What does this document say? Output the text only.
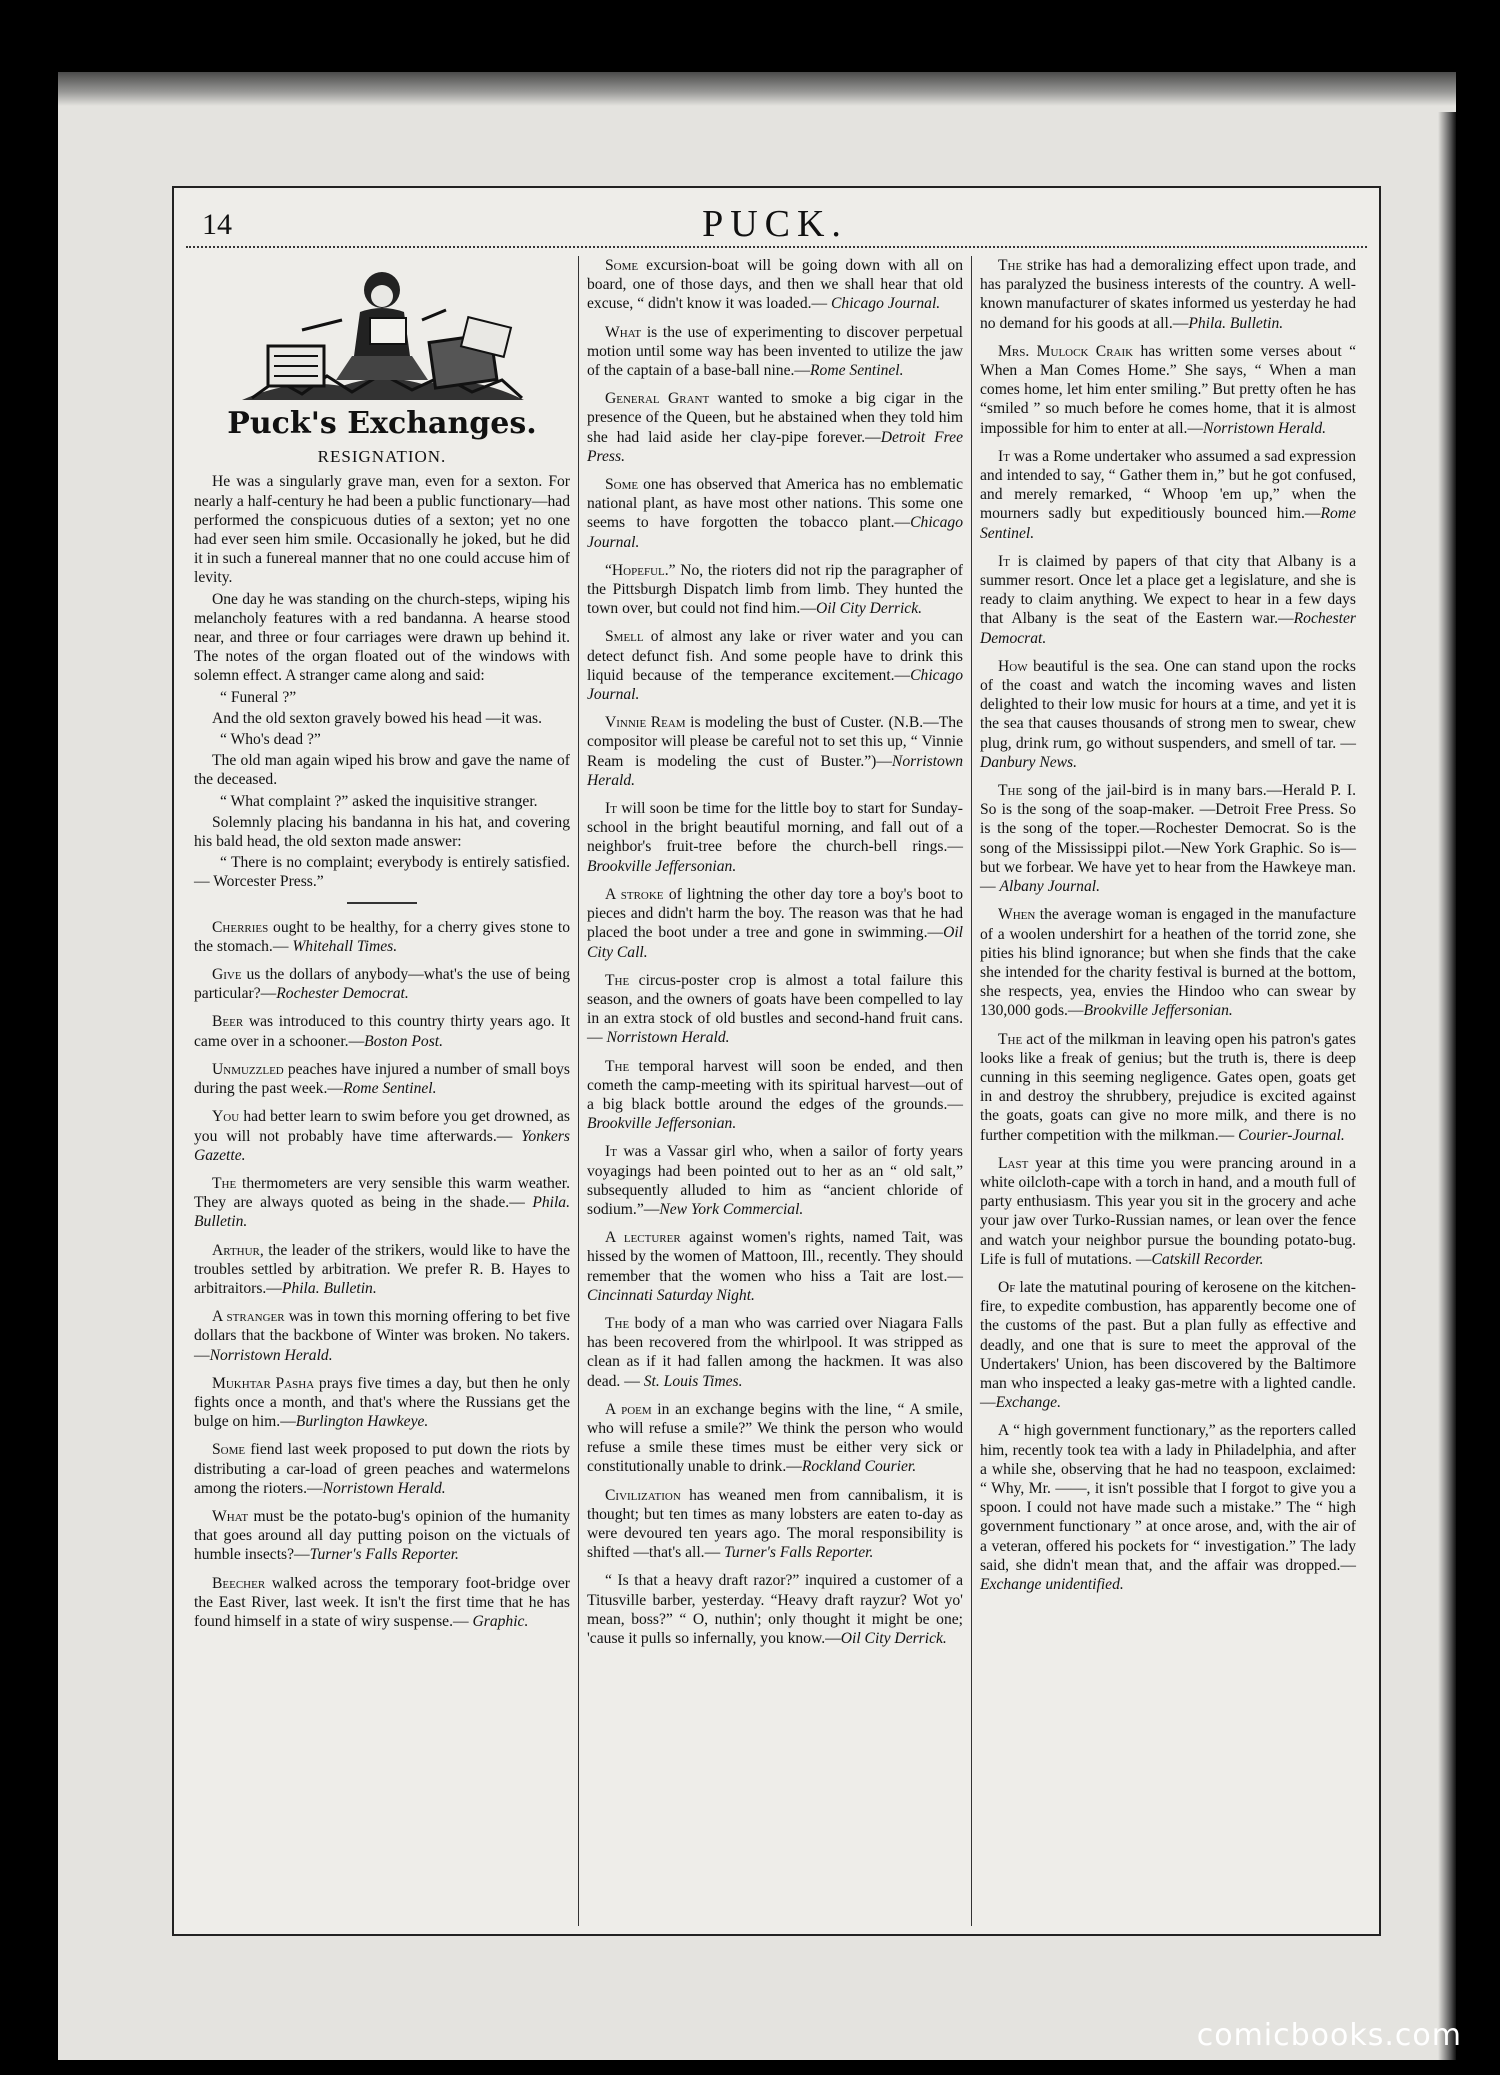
14	PUCK.
Puck's Exchanges.
RESIGNATION.

He was a singularly grave man, even for a sexton. For nearly a half-century he had been a public functionary—had performed the conspicuous duties of a sexton; yet no one had ever seen him smile. Occasionally he joked, but he did it in such a funereal manner that no one could accuse him of levity.

One day he was standing on the church-steps, wiping his melancholy features with a red bandanna. A hearse stood near, and three or four carriages were drawn up behind it. The notes of the organ floated out of the windows with solemn effect. A stranger came along and said:

“ Funeral ?”

And the old sexton gravely bowed his head —it was.

“ Who's dead ?”

The old man again wiped his brow and gave the name of the deceased.

“ What complaint ?” asked the inquisitive stranger.

Solemnly placing his bandanna in his hat, and covering his bald head, the old sexton made answer:

“ There is no complaint; everybody is entirely satisfied.— Worcester Press.”

Cherries ought to be healthy, for a cherry gives stone to the stomach.— Whitehall Times.

Give us the dollars of anybody—what's the use of being particular?—Rochester Democrat.

Beer was introduced to this country thirty years ago. It came over in a schooner.—Boston Post.

Unmuzzled peaches have injured a number of small boys during the past week.—Rome Sentinel.

You had better learn to swim before you get drowned, as you will not probably have time afterwards.— Yonkers Gazette.

The thermometers are very sensible this warm weather. They are always quoted as being in the shade.— Phila. Bulletin.

Arthur, the leader of the strikers, would like to have the troubles settled by arbitration. We prefer R. B. Hayes to arbitraitors.—Phila. Bulletin.

A stranger was in town this morning offering to bet five dollars that the backbone of Winter was broken. No takers.—Norristown Herald.

Mukhtar Pasha prays five times a day, but then he only fights once a month, and that's where the Russians get the bulge on him.—Burlington Hawkeye.

Some fiend last week proposed to put down the riots by distributing a car-load of green peaches and watermelons among the rioters.—Norristown Herald.

What must be the potato-bug's opinion of the humanity that goes around all day putting poison on the victuals of humble insects?—Turner's Falls Reporter.

Beecher walked across the temporary foot-bridge over the East River, last week. It isn't the first time that he has found himself in a state of wiry suspense.— Graphic.

Some excursion-boat will be going down with all on board, one of those days, and then we shall hear that old excuse, “ didn't know it was loaded.— Chicago Journal.

What is the use of experimenting to discover perpetual motion until some way has been invented to utilize the jaw of the captain of a base-ball nine.—Rome Sentinel.

General Grant wanted to smoke a big cigar in the presence of the Queen, but he abstained when they told him she had laid aside her clay-pipe forever.—Detroit Free Press.

Some one has observed that America has no emblematic national plant, as have most other nations. This some one seems to have forgotten the tobacco plant.—Chicago Journal.

“Hopeful.” No, the rioters did not rip the paragrapher of the Pittsburgh Dispatch limb from limb. They hunted the town over, but could not find him.—Oil City Derrick.

Smell of almost any lake or river water and you can detect defunct fish. And some people have to drink this liquid because of the temperance excitement.—Chicago Journal.

Vinnie Ream is modeling the bust of Custer. (N.B.—The compositor will please be careful not to set this up, “ Vinnie Ream is modeling the cust of Buster.”)—Norristown Herald.

It will soon be time for the little boy to start for Sunday-school in the bright beautiful morning, and fall out of a neighbor's fruit-tree before the church-bell rings.—Brookville Jeffersonian.

A stroke of lightning the other day tore a boy's boot to pieces and didn't harm the boy. The reason was that he had placed the boot under a tree and gone in swimming.—Oil City Call.

The circus-poster crop is almost a total failure this season, and the owners of goats have been compelled to lay in an extra stock of old bustles and second-hand fruit cans. — Norristown Herald.

The temporal harvest will soon be ended, and then cometh the camp-meeting with its spiritual harvest—out of a big black bottle around the edges of the grounds.—Brookville Jeffersonian.

It was a Vassar girl who, when a sailor of forty years voyagings had been pointed out to her as an “ old salt,” subsequently alluded to him as “ancient chloride of sodium.”—New York Commercial.

A lecturer against women's rights, named Tait, was hissed by the women of Mattoon, Ill., recently. They should remember that the women who hiss a Tait are lost.—Cincinnati Saturday Night.

The body of a man who was carried over Niagara Falls has been recovered from the whirlpool. It was stripped as clean as if it had fallen among the hackmen. It was also dead. — St. Louis Times.

A poem in an exchange begins with the line, “ A smile, who will refuse a smile?” We think the person who would refuse a smile these times must be either very sick or constitutionally unable to drink.—Rockland Courier.

Civilization has weaned men from cannibalism, it is thought; but ten times as many lobsters are eaten to-day as were devoured ten years ago. The moral responsibility is shifted —that's all.— Turner's Falls Reporter.

“ Is that a heavy draft razor?” inquired a customer of a Titusville barber, yesterday. “Heavy draft rayzur? Wot yo' mean, boss?” “ O, nuthin'; only thought it might be one; 'cause it pulls so infernally, you know.—Oil City Derrick.

The strike has had a demoralizing effect upon trade, and has paralyzed the business interests of the country. A well-known manufacturer of skates informed us yesterday he had no demand for his goods at all.—Phila. Bulletin.

Mrs. Mulock Craik has written some verses about “ When a Man Comes Home.” She says, “ When a man comes home, let him enter smiling.” But pretty often he has “smiled ” so much before he comes home, that it is almost impossible for him to enter at all.—Norristown Herald.

It was a Rome undertaker who assumed a sad expression and intended to say, “ Gather them in,” but he got confused, and merely remarked, “ Whoop 'em up,” when the mourners sadly but expeditiously bounced him.—Rome Sentinel.

It is claimed by papers of that city that Albany is a summer resort. Once let a place get a legislature, and she is ready to claim anything. We expect to hear in a few days that Albany is the seat of the Eastern war.—Rochester Democrat.

How beautiful is the sea. One can stand upon the rocks of the coast and watch the incoming waves and listen delighted to their low music for hours at a time, and yet it is the sea that causes thousands of strong men to swear, chew plug, drink rum, go without suspenders, and smell of tar. — Danbury News.

The song of the jail-bird is in many bars.—Herald P. I. So is the song of the soap-maker. —Detroit Free Press. So is the song of the toper.—Rochester Democrat. So is the song of the Mississippi pilot.—New York Graphic. So is—but we forbear. We have yet to hear from the Hawkeye man. — Albany Journal.

When the average woman is engaged in the manufacture of a woolen undershirt for a heathen of the torrid zone, she pities his blind ignorance; but when she finds that the cake she intended for the charity festival is burned at the bottom, she respects, yea, envies the Hindoo who can swear by 130,000 gods.—Brookville Jeffersonian.

The act of the milkman in leaving open his patron's gates looks like a freak of genius; but the truth is, there is deep cunning in this seeming negligence. Gates open, goats get in and destroy the shrubbery, prejudice is excited against the goats, goats can give no more milk, and there is no further competition with the milkman.— Courier-Journal.

Last year at this time you were prancing around in a white oilcloth-cape with a torch in hand, and a mouth full of party enthusiasm. This year you sit in the grocery and ache your jaw over Turko-Russian names, or lean over the fence and watch your neighbor pursue the bounding potato-bug. Life is full of mutations. —Catskill Recorder.

Of late the matutinal pouring of kerosene on the kitchen-fire, to expedite combustion, has apparently become one of the customs of the past. But a plan fully as effective and deadly, and one that is sure to meet the approval of the Undertakers' Union, has been discovered by the Baltimore man who inspected a leaky gas-metre with a lighted candle.—Exchange.

A “ high government functionary,” as the reporters called him, recently took tea with a lady in Philadelphia, and after a while she, observing that he had no teaspoon, exclaimed: “ Why, Mr. ——, it isn't possible that I forgot to give you a spoon. I could not have made such a mistake.” The “ high government functionary ” at once arose, and, with the air of a veteran, offered his pockets for “ investigation.” The lady said, she didn't mean that, and the affair was dropped.—Exchange unidentified.

comicbooks.com
